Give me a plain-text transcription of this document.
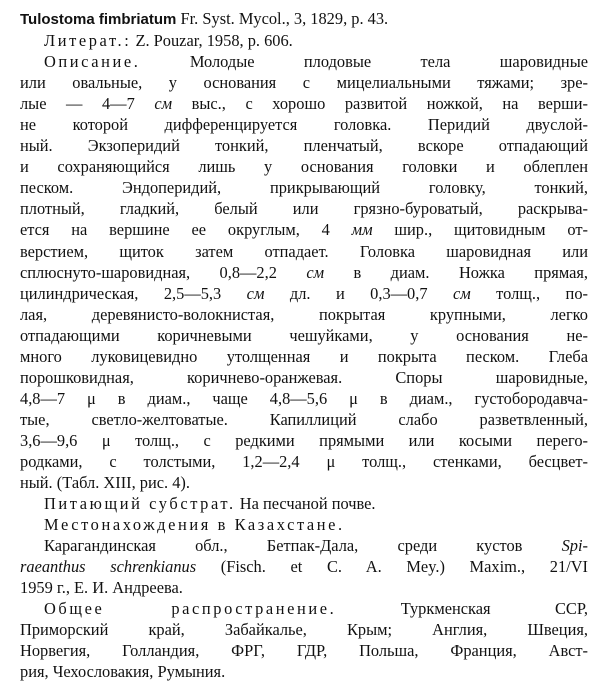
Tulostoma fimbriatum Fr. Syst. Mycol., 3, 1829, p. 43.
Литерат.: Z. Pouzar, 1958, p. 606.
Описание.	Молодые плодовые тела шаровидные
или овальные, у основания с мицелиальными тяжами; зре-
лые — 4—7 см выс., с хорошо развитой ножкой, на верши-
не которой дифференцируется головка. Перидий двуслой-
ный. Экзоперидий тонкий, пленчатый, вскоре отпадающий
и сохраняющийся лишь у основания головки и облеплен
песком. Эндоперидий, прикрывающий головку, тонкий,
плотный, гладкий, белый или грязно-буроватый, раскрыва-
ется на вершине ее округлым, 4 мм шир., щитовидным от-
верстием, щиток затем отпадает. Головка шаровидная или
сплюснуто-шаровидная, 0,8—2,2 см в диам. Ножка прямая,
цилиндрическая, 2,5—5,3 см дл. и 0,3—0,7 см толщ., по-
лая, деревянисто-волокнистая, покрытая крупными, легко
отпадающими коричневыми чешуйками, у основания не-
много луковицевидно утолщенная и покрыта песком. Глеба
порошковидная, коричнево-оранжевая. Споры шаровидные,
4,8—7 μ в диам., чаще 4,8—5,6 μ в диам., густобородавча-
тые, светло-желтоватые. Капиллиций слабо разветвленный,
3,6—9,6 μ толщ., с редкими прямыми или косыми перего-
родками, с толстыми, 1,2—2,4 μ толщ., стенками, бесцвет-
ный. (Табл. XIII, рис. 4).
Питающий субстрат. На песчаной почве.
Местонахождения в Казахстане.
Карагандинская обл., Бетпак-Дала, среди кустов Spi-
raeanthus schrenkianus (Fisch. et C. A. Mey.) Maxim., 21/VI
1959 г., Е. И. Андреева.
Общее распространение.	Туркменская ССР,
Приморский край, Забайкалье, Крым; Англия, Швеция,
Норвегия, Голландия, ФРГ, ГДР, Польша, Франция, Авст-
рия, Чехословакия, Румыния.
